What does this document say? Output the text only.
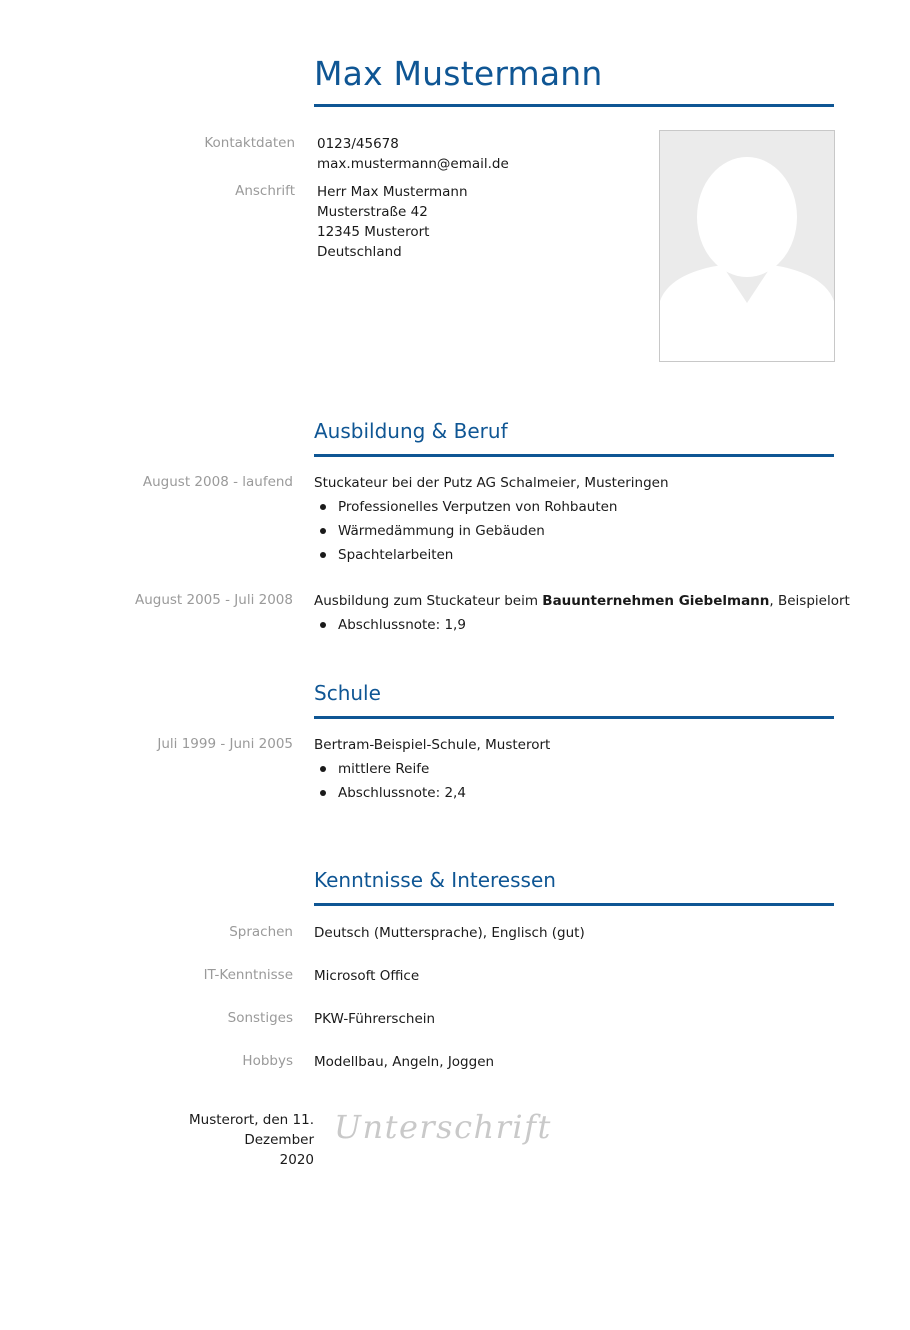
Max Mustermann
Kontaktdaten 0123/45678
max.mustermann@email.de
Anschrift Herr Max Mustermann
Musterstraße 42
12345 Musterort
Deutschland
Ausbildung & Beruf
August 2008 - laufend Stuckateur bei der Putz AG Schalmeier, Musteringen
Professionelles Verputzen von Rohbauten
Wärmedämmung in Gebäuden
Spachtelarbeiten
August 2005 - Juli 2008 Ausbildung zum Stuckateur beim Bauunternehmen Giebelmann, Beispielort
Abschlussnote: 1,9
Schule
Juli 1999 - Juni 2005 Bertram-Beispiel-Schule, Musterort
mittlere Reife
Abschlussnote: 2,4
Kenntnisse & Interessen
Sprachen Deutsch (Muttersprache), Englisch (gut)
IT-Kenntnisse Microsoft Office
Sonstiges PKW-Führerschein
Hobbys Modellbau, Angeln, Joggen
Musterort, den 11. Dezember
2020
Unterschrift
